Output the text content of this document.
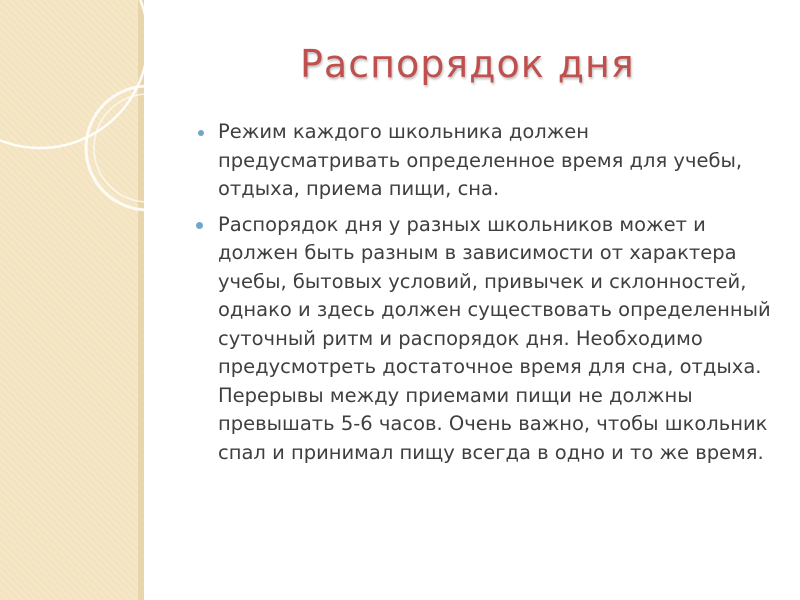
Распорядок дня
Режим каждого школьника должен предусматривать определенное время для учебы, отдыха, приема пищи, сна.
Распорядок дня у разных школьников может и должен быть разным в зависимости от характера учебы, бытовых условий, привычек и склонностей, однако и здесь должен существовать определенный суточный ритм и распорядок дня. Необходимо предусмотреть достаточное время для сна, отдыха. Перерывы между приемами пищи не должны превышать 5-6 часов. Очень важно, чтобы школьник спал и принимал пищу всегда в одно и то же время.
